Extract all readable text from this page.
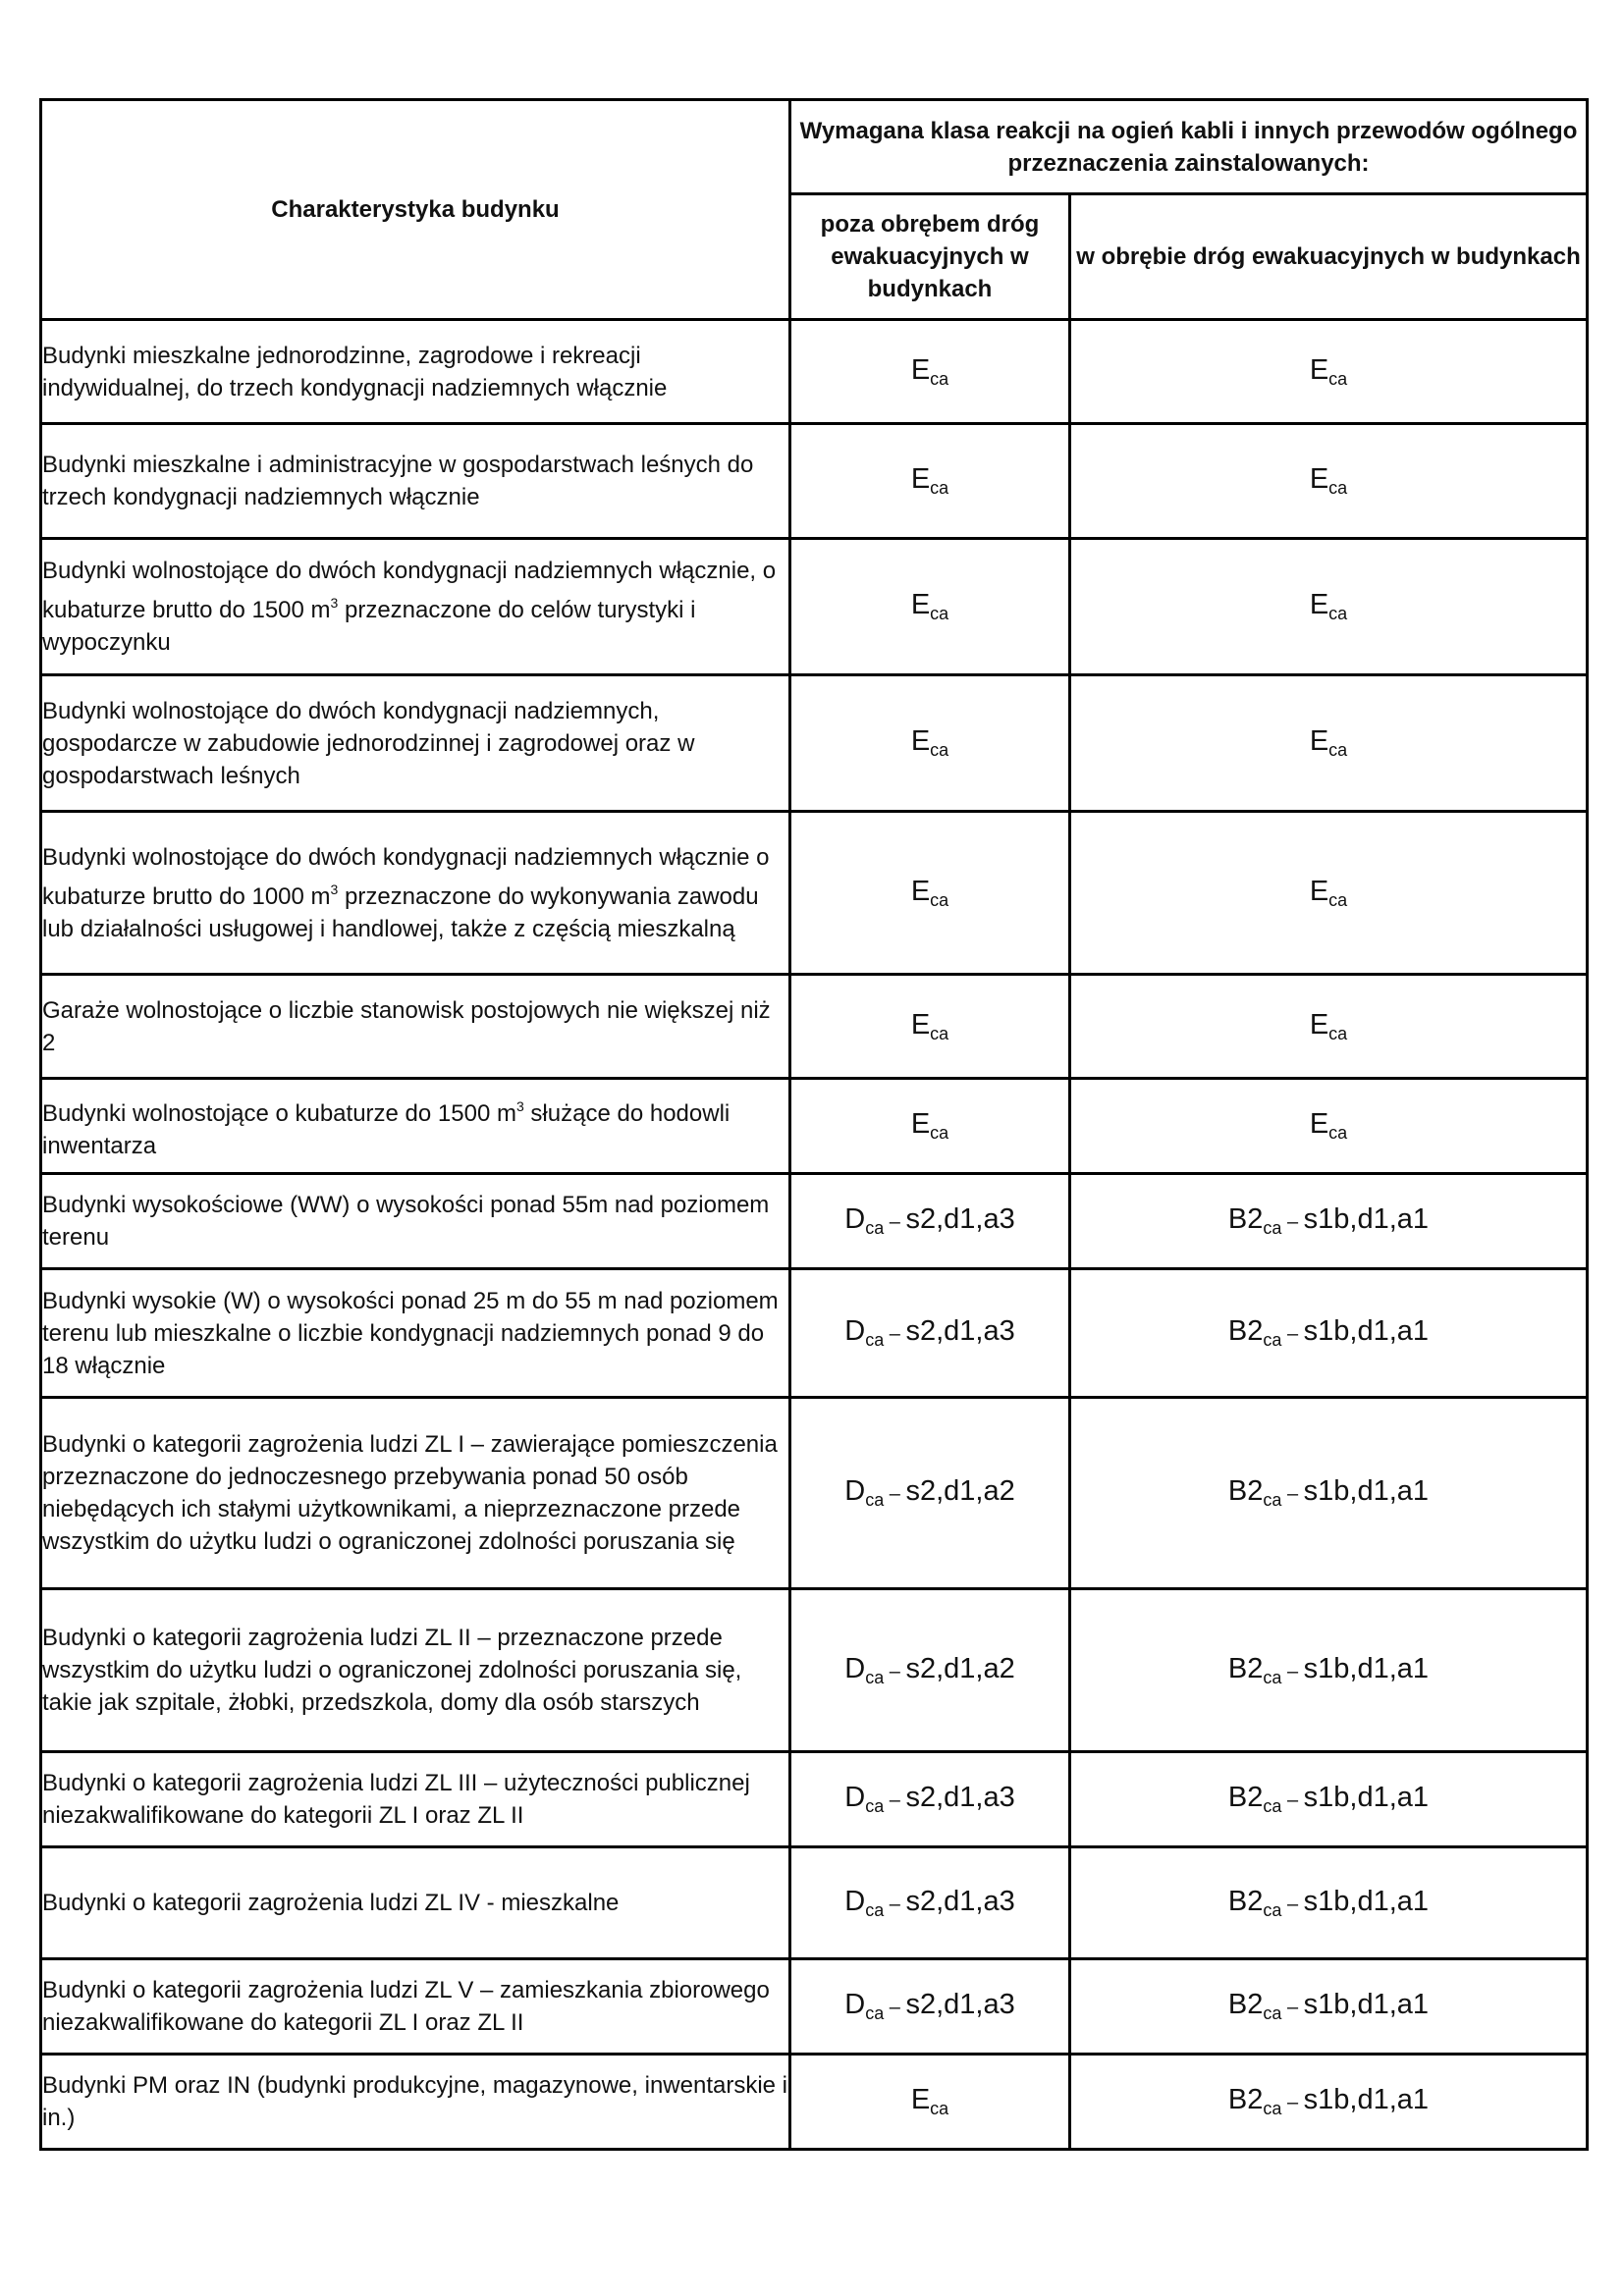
Charakterystyka budynku	Wymagana klasa reakcji na ogień kabli i innych przewodów ogólnego przeznaczenia zainstalowanych:	
	poza obrębem dróg ewakuacyjnych w budynkach	w obrębie dróg ewakuacyjnych w budynkach
Budynki mieszkalne jednorodzinne, zagrodowe i rekreacji indywidualnej, do trzech kondygnacji nadziemnych włącznie	$E_{ca}$	$E_{ca}$
Budynki mieszkalne i administracyjne w gospodarstwach leśnych do trzech kondygnacji nadziemnych włącznie	$E_{ca}$	$E_{ca}$
Budynki wolnostojące do dwóch kondygnacji nadziemnych włącznie, o kubaturze brutto do 1500 $m^3$ przeznaczone do celów turystyki i wypoczynku	$E_{ca}$	$E_{ca}$
Budynki wolnostojące do dwóch kondygnacji nadziemnych, gospodarcze w zabudowie jednorodzinnej i zagrodowej oraz w gospodarstwach leśnych	$E_{ca}$	$E_{ca}$
Budynki wolnostojące do dwóch kondygnacji nadziemnych włącznie o kubaturze brutto do 1000 $m^3$ przeznaczone do wykonywania zawodu lub działalności usługowej i handlowej, także z częścią mieszkalną	$E_{ca}$	$E_{ca}$
Garaże wolnostojące o liczbie stanowisk postojowych nie większej niż 2	$E_{ca}$	$E_{ca}$
Budynki wolnostojące o kubaturze do 1500 $m^3$ służące do hodowli inwentarza	$E_{ca}$	$E_{ca}$
Budynki wysokościowe (WW) o wysokości ponad 55m nad poziomem terenu	$D_{ca} - s2,d1,a3$	$B2_{ca} - s1b,d1,a1$
Budynki wysokie (W) o wysokości ponad 25 m do 55 m nad poziomem terenu lub mieszkalne o liczbie kondygnacji nadziemnych ponad 9 do 18 włącznie	$D_{ca} - s2,d1,a3$	$B2_{ca} - s1b,d1,a1$
Budynki o kategorii zagrożenia ludzi ZL I – zawierające pomieszczenia przeznaczone do jednoczesnego przebywania ponad 50 osób niebędących ich stałymi użytkownikami, a nieprzeznaczone przede wszystkim do użytku ludzi o ograniczonej zdolności poruszania się	$D_{ca} - s2,d1,a2$	$B2_{ca} - s1b,d1,a1$
Budynki o kategorii zagrożenia ludzi ZL II – przeznaczone przede wszystkim do użytku ludzi o ograniczonej zdolności poruszania się, takie jak szpitale, żłobki, przedszkola, domy dla osób starszych	$D_{ca} - s2,d1,a2$	$B2_{ca} - s1b,d1,a1$
Budynki o kategorii zagrożenia ludzi ZL III – użyteczności publicznej niezakwalifikowane do kategorii ZL I oraz ZL II	$D_{ca} - s2,d1,a3$	$B2_{ca} - s1b,d1,a1$
Budynki o kategorii zagrożenia ludzi ZL IV - mieszkalne	$D_{ca} - s2,d1,a3$	$B2_{ca} - s1b,d1,a1$
Budynki o kategorii zagrożenia ludzi ZL V – zamieszkania zbiorowego niezakwalifikowane do kategorii ZL I oraz ZL II	$D_{ca} - s2,d1,a3$	$B2_{ca} - s1b,d1,a1$
Budynki PM oraz IN (budynki produkcyjne, magazynowe, inwentarskie i in.)	$E_{ca}$	$B2_{ca} - s1b,d1,a1$
